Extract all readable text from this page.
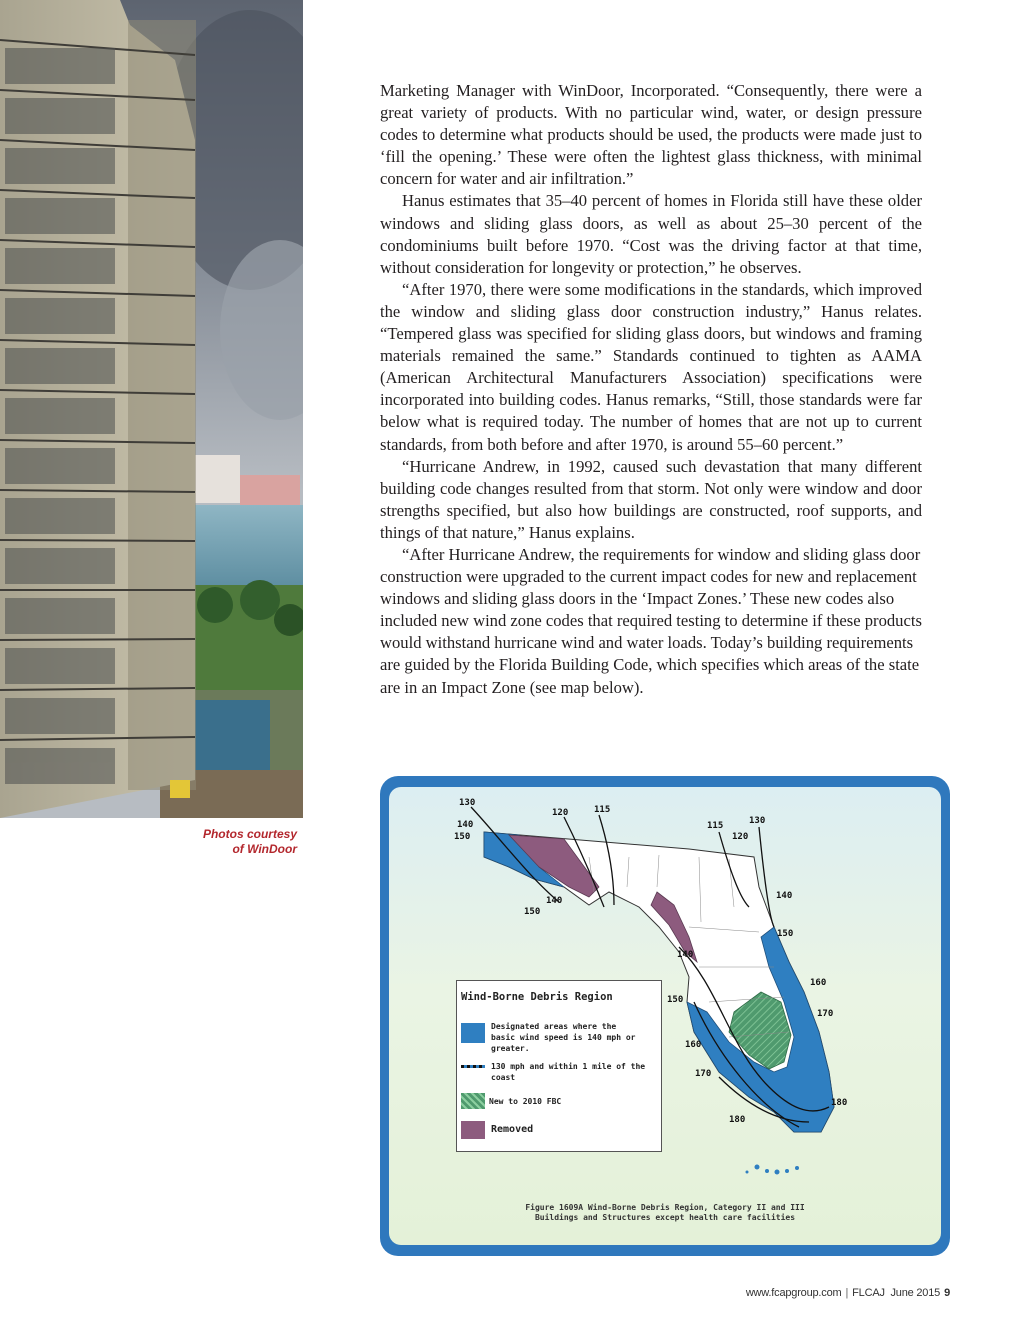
Photos courtesy
of WinDoor

Marketing Manager with WinDoor, Incorporated. “Consequently, there were a great variety of products. With no particular wind, water, or design pressure codes to determine what products should be used, the products were made just to ‘fill the opening.’ These were often the lightest glass thickness, with minimal concern for water and air infiltration.”

Hanus estimates that 35–40 percent of homes in Florida still have these older windows and sliding glass doors, as well as about 25–30 percent of the condominiums built before 1970. “Cost was the driving factor at that time, without consideration for longevity or protection,” he observes.

“After 1970, there were some modifications in the standards, which improved the window and sliding glass door construction industry,” Hanus relates. “Tempered glass was specified for sliding glass doors, but windows and framing materials remained the same.” Standards continued to tighten as AAMA (American Architectural Manufacturers Association) specifications were incorporated into building codes. Hanus remarks, “Still, those standards were far below what is required today. The number of homes that are not up to current standards, from both before and after 1970, is around 55–60 percent.”

“Hurricane Andrew, in 1992, caused such devastation that many different building code changes resulted from that storm. Not only were window and door strengths specified, but also how buildings are constructed, roof supports, and things of that nature,” Hanus explains.

“After Hurricane Andrew, the requirements for window and sliding glass door construction were upgraded to the current impact codes for new and replacement windows and sliding glass doors in the ‘Impact Zones.’ These new codes also included new wind zone codes that required testing to determine if these products would withstand hurricane wind and water loads. Today’s building requirements are guided by the Florida Building Code, which specifies which areas of the state are in an Impact Zone (see map below).

130
120	115
140
150
115	130
120
140
150
140
150
140
160
150
170
160
170
180
180
Wind-Borne Debris Region
Designated areas where the
basic wind speed is 140 mph or
greater.
130 mph and within 1 mile of the
coast
New to 2010 FBC
Removed
Figure 1609A Wind-Borne Debris Region, Category II and III
Buildings and Structures except health care facilities
www.fcapgroup.com | FLCAJ June 2015 9
